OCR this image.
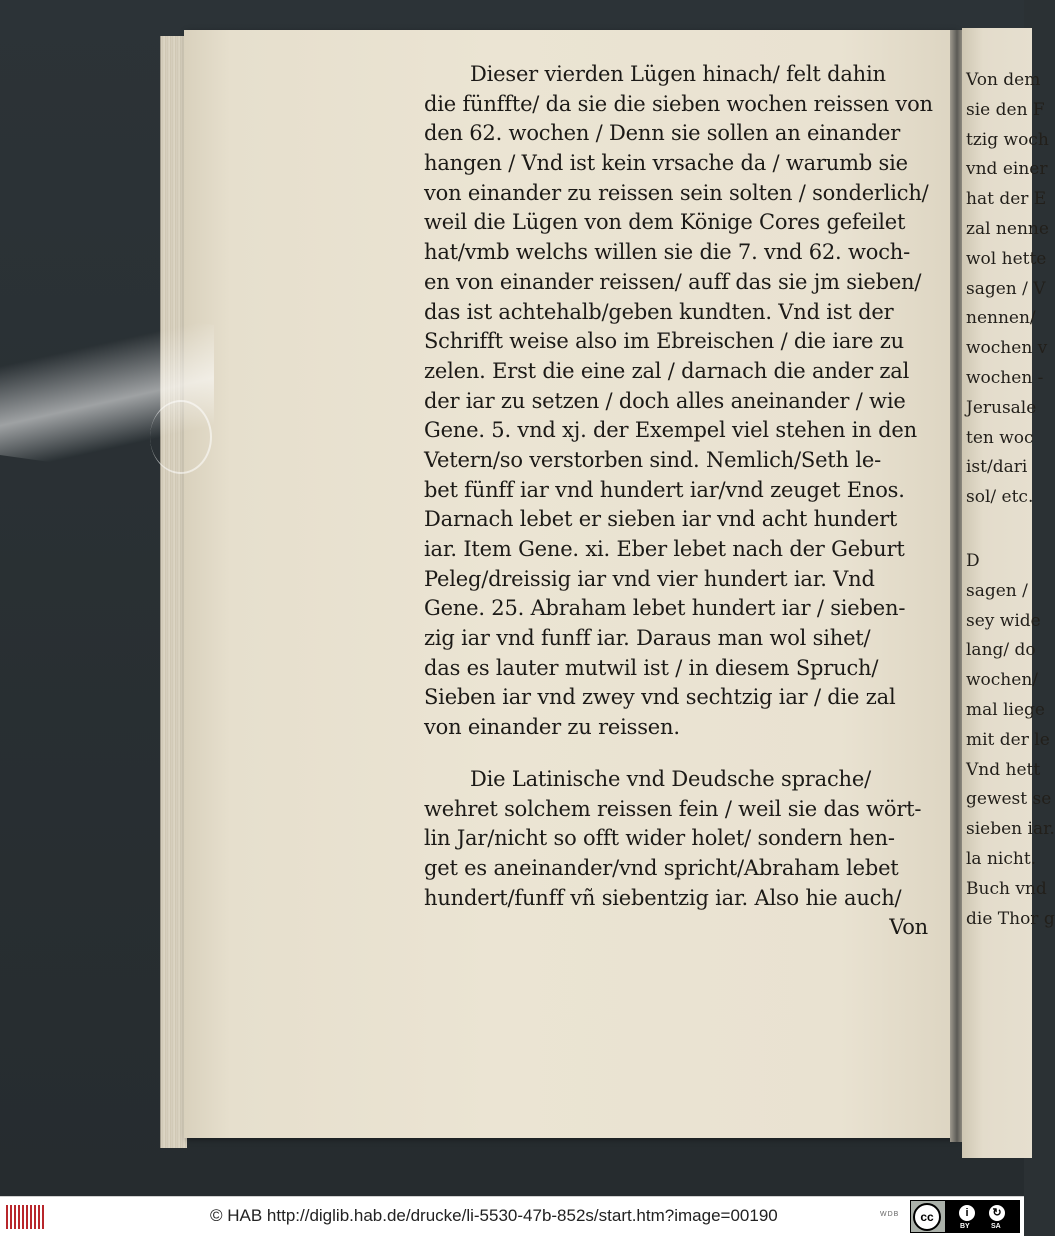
Von dem
sie den F
tzig woch
vnd einer
hat der E
zal nenne
wol hette
sagen / V
nennen/
wochen v
wochen -
Jerusale
ten woc
ist/dari
sol/ etc.
D
sagen /
sey wide
lang/ do
wochen/
mal liege
mit der le
Vnd hett
gewest se
sieben iar.
la nicht.
Buch vnd
die Thor g
Dieser vierden Lügen hinach/ felt dahin
die fünffte/ da sie die sieben wochen reissen von
den 62. wochen / Denn sie sollen an einander
hangen / Vnd ist kein vrsache da / warumb sie
von einander zu reissen sein solten / sonderlich/
weil die Lügen von dem Könige Cores gefeilet
hat/vmb welchs willen sie die 7. vnd 62. woch-
en von einander reissen/ auff das sie jm sieben/
das ist achtehalb/geben kundten. Vnd ist der
Schrifft weise also im Ebreischen / die iare zu
zelen. Erst die eine zal / darnach die ander zal
der iar zu setzen / doch alles aneinander / wie
Gene. 5. vnd xj. der Exempel viel stehen in den
Vetern/so verstorben sind. Nemlich/Seth le-
bet fünff iar vnd hundert iar/vnd zeuget Enos.
Darnach lebet er sieben iar vnd acht hundert
iar. Item Gene. xi. Eber lebet nach der Geburt
Peleg/dreissig iar vnd vier hundert iar. Vnd
Gene. 25. Abraham lebet hundert iar / sieben-
zig iar vnd funff iar. Daraus man wol sihet/
das es lauter mutwil ist / in diesem Spruch/
Sieben iar vnd zwey vnd sechtzig iar / die zal
von einander zu reissen.
Die Latinische vnd Deudsche sprache/
wehret solchem reissen fein / weil sie das wört-
lin Jar/nicht so offt wider holet/ sondern hen-
get es aneinander/vnd spricht/Abraham lebet
hundert/funff vñ siebentzig iar. Also hie auch/
Von
© HAB http://diglib.hab.de/drucke/li-5530-47b-852s/start.htm?image=00190	WDB	cc	i	↻
BY	SA
